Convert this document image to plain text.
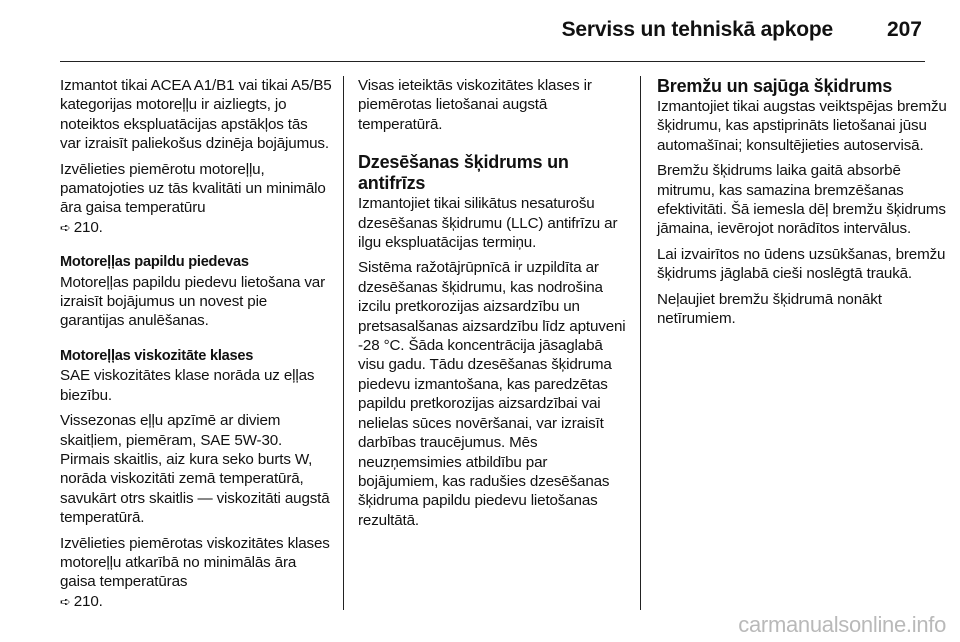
Serviss un tehniskā apkope	207

Izmantot tikai ACEA A1/B1 vai tikai A5/B5 kategorijas motoreļļu ir aizliegts, jo noteiktos ekspluatācijas apstākļos tās var izraisīt paliekošus dzinēja bojājumus.

Izvēlieties piemērotu motoreļļu, pamatojoties uz tās kvalitāti un minimālo āra gaisa temperatūru
➪ 210.

Motoreļļas papildu piedevas

Motoreļļas papildu piedevu lietošana var izraisīt bojājumus un novest pie garantijas anulēšanas.

Motoreļļas viskozitāte klases

SAE viskozitātes klase norāda uz eļļas biezību.

Vissezonas eļļu apzīmē ar diviem skaitļiem, piemēram, SAE 5W-30. Pirmais skaitlis, aiz kura seko burts W, norāda viskozitāti zemā temperatūrā, savukārt otrs skaitlis — viskozitāti augstā temperatūrā.

Izvēlieties piemērotas viskozitātes klases motoreļļu atkarībā no minimālās āra gaisa temperatūras
➪ 210.

Visas ieteiktās viskozitātes klases ir piemērotas lietošanai augstā temperatūrā.

Dzesēšanas šķidrums un antifrīzs

Izmantojiet tikai silikātus nesaturošu dzesēšanas šķidrumu (LLC) antifrīzu ar ilgu ekspluatācijas termiņu.

Sistēma ražotājrūpnīcā ir uzpildīta ar dzesēšanas šķidrumu, kas nodrošina izcilu pretkorozijas aizsardzību un pretsasalšanas aizsardzību līdz aptuveni -28 °C. Šāda koncentrācija jāsaglabā visu gadu. Tādu dzesēšanas šķidruma piedevu izmantošana, kas paredzētas papildu pretkorozijas aizsardzībai vai nelielas sūces novēršanai, var izraisīt darbības traucējumus. Mēs neuzņemsimies atbildību par bojājumiem, kas radušies dzesēšanas šķidruma papildu piedevu lietošanas rezultātā.

Bremžu un sajūga šķidrums

Izmantojiet tikai augstas veiktspējas bremžu šķidrumu, kas apstiprināts lietošanai jūsu automašīnai; konsultējieties autoservisā.

Bremžu šķidrums laika gaitā absorbē mitrumu, kas samazina bremzēšanas efektivitāti. Šā iemesla dēļ bremžu šķidrums jāmaina, ievērojot norādītos intervālus.

Lai izvairītos no ūdens uzsūkšanas, bremžu šķidrums jāglabā cieši noslēgtā traukā.

Neļaujiet bremžu šķidrumā nonākt netīrumiem.

carmanualsonline.info
